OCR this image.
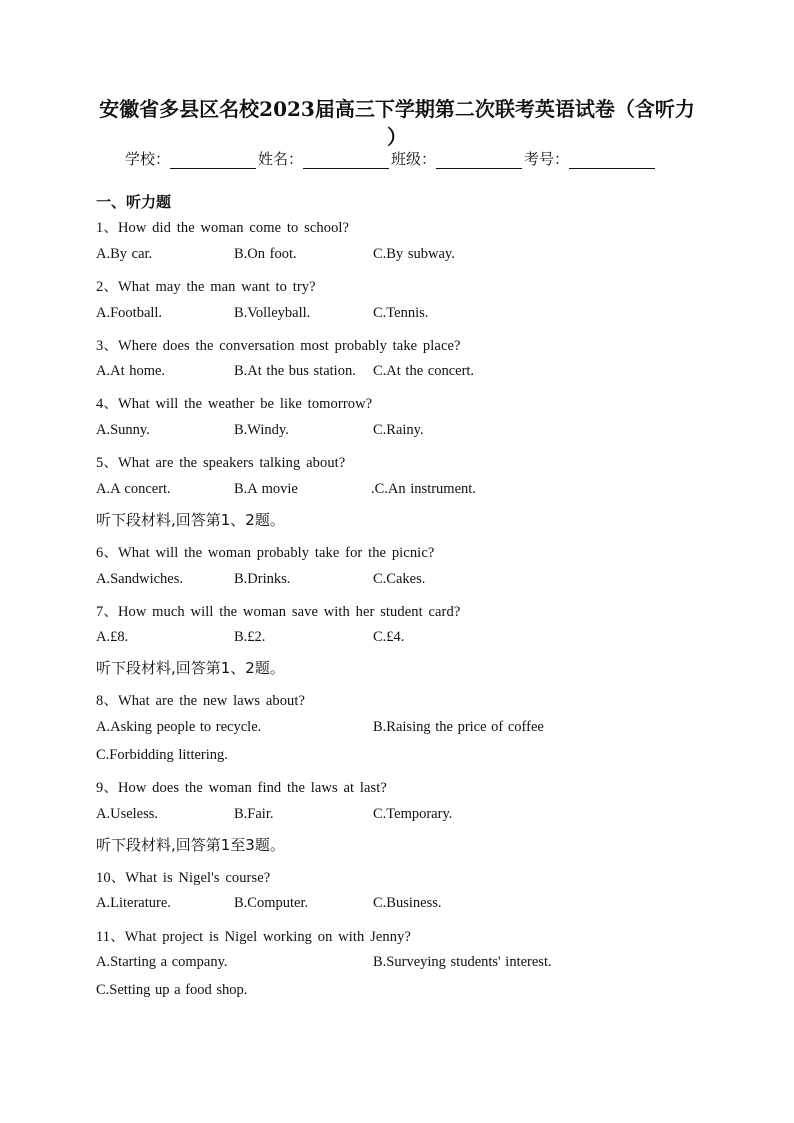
安徽省多县区名校2023届高三下学期第二次联考英语试卷（含听力
）
学校：	姓名：	班级：	考号：
一、听力题
1、How did the woman come to school?
A.By car.	B.On foot.	C.By subway.
2、What may the man want to try?
A.Football.	B.Volleyball.	C.Tennis.
3、Where does the conversation most probably take place?
A.At home.	B.At the bus station. C.At the concert.
4、What will the weather be like tomorrow?
A.Sunny.	B.Windy.	C.Rainy.
5、What are the speakers talking about?
A.A concert.	B.A movie	.C.An instrument.
听下段材料,回答第1、2题。
6、What will the woman probably take for the picnic?
A.Sandwiches.	B.Drinks.	C.Cakes.
7、How much will the woman save with her student card?
A.£8.	B.£2.	C.£4.
听下段材料,回答第1、2题。
8、What are the new laws about?
A.Asking people to recycle.	B.Raising the price of coffee
C.Forbidding littering.
9、How does the woman find the laws at last?
A.Useless.	B.Fair.	C.Temporary.
听下段材料,回答第1至3题。
10、What is Nigel's course?
A.Literature.	B.Computer.	C.Business.
11、What project is Nigel working on with Jenny?
A.Starting a company.	B.Surveying students' interest.
C.Setting up a food shop.
